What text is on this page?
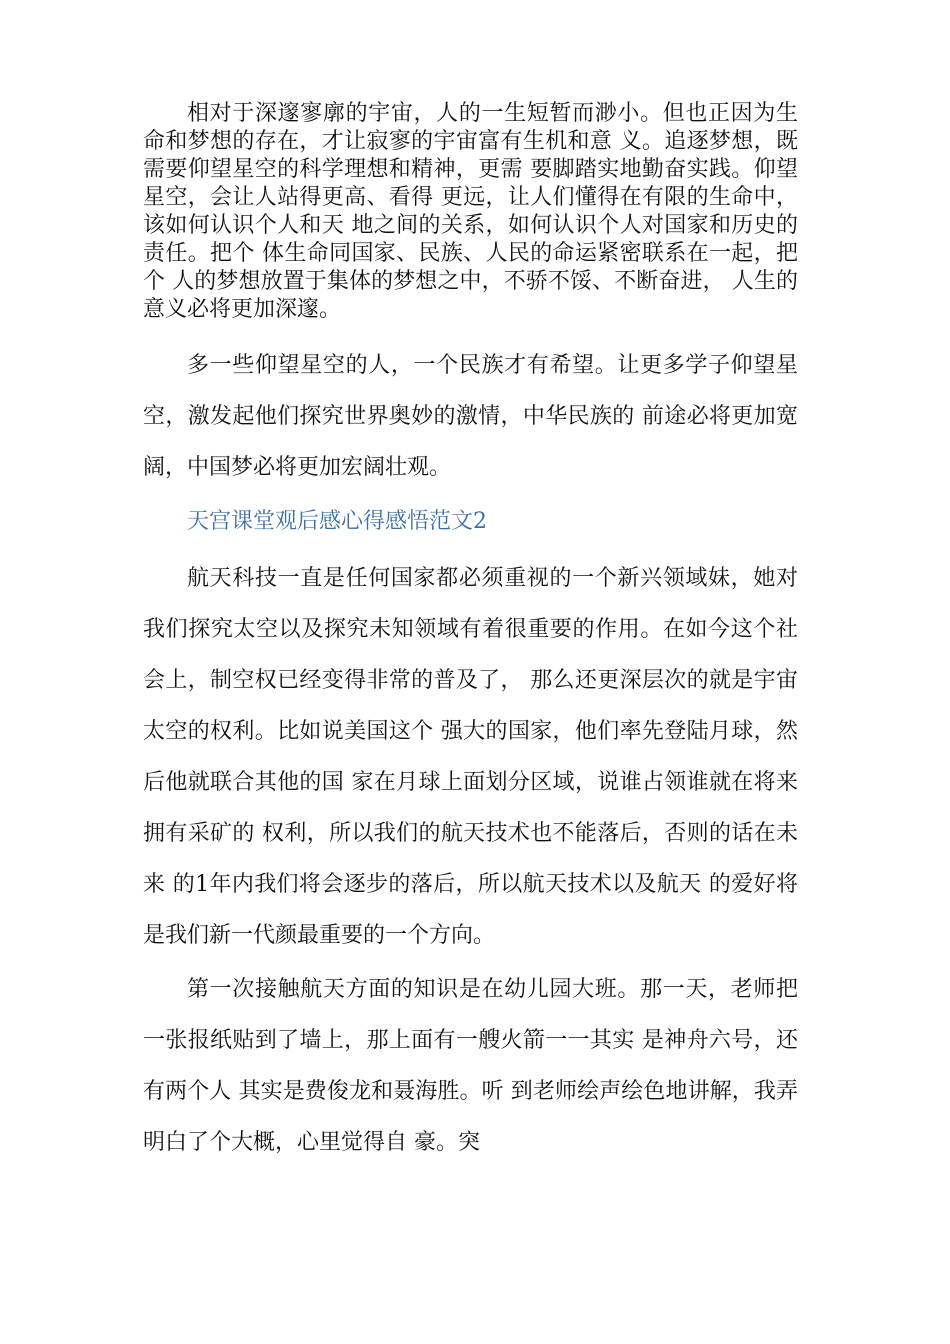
相对于深邃寥廓的宇宙，人的一生短暂而渺小。但也正因为生命和梦想的存在，才让寂寥的宇宙富有生机和意 义。追逐梦想，既需要仰望星空的科学理想和精神，更需 要脚踏实地勤奋实践。仰望星空，会让人站得更高、看得 更远，让人们懂得在有限的生命中，该如何认识个人和天 地之间的关系，如何认识个人对国家和历史的责任。把个 体生命同国家、民族、人民的命运紧密联系在一起，把个 人的梦想放置于集体的梦想之中，不骄不馁、不断奋进， 人生的意义必将更加深邃。

多一些仰望星空的人，一个民族才有希望。让更多学子仰望星空，激发起他们探究世界奥妙的激情，中华民族的 前途必将更加宽阔，中国梦必将更加宏阔壮观。

天宫课堂观后感心得感悟范文2

航天科技一直是任何国家都必须重视的一个新兴领域妹，她对我们探究太空以及探究未知领域有着很重要的作用。在如今这个社会上，制空权已经变得非常的普及了， 那么还更深层次的就是宇宙太空的权利。比如说美国这个 强大的国家，他们率先登陆月球，然后他就联合其他的国 家在月球上面划分区域，说谁占领谁就在将来拥有采矿的 权利，所以我们的航天技术也不能落后，否则的话在未来 的1年内我们将会逐步的落后，所以航天技术以及航天 的爱好将是我们新一代颜最重要的一个方向。

第一次接触航天方面的知识是在幼儿园大班。那一天，老师把一张报纸贴到了墙上，那上面有一艘火箭一一其实 是神舟六号，还有两个人 其实是费俊龙和聂海胜。听 到老师绘声绘色地讲解，我弄明白了个大概，心里觉得自 豪。突
